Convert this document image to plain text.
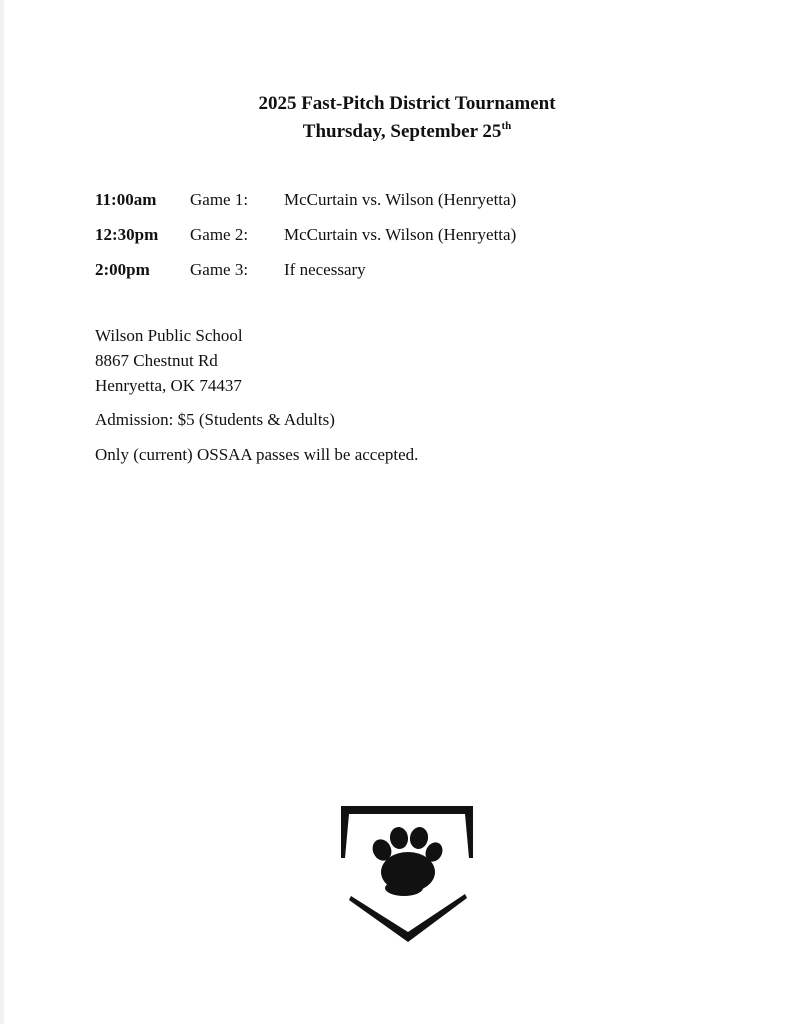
2025 Fast-Pitch District Tournament
Thursday, September 25th
11:00am Game 1: McCurtain vs. Wilson (Henryetta)
12:30pm Game 2: McCurtain vs. Wilson (Henryetta)
2:00pm Game 3: If necessary
Wilson Public School
8867 Chestnut Rd
Henryetta, OK 74437
Admission: $5 (Students & Adults)
Only (current) OSSAA passes will be accepted.
